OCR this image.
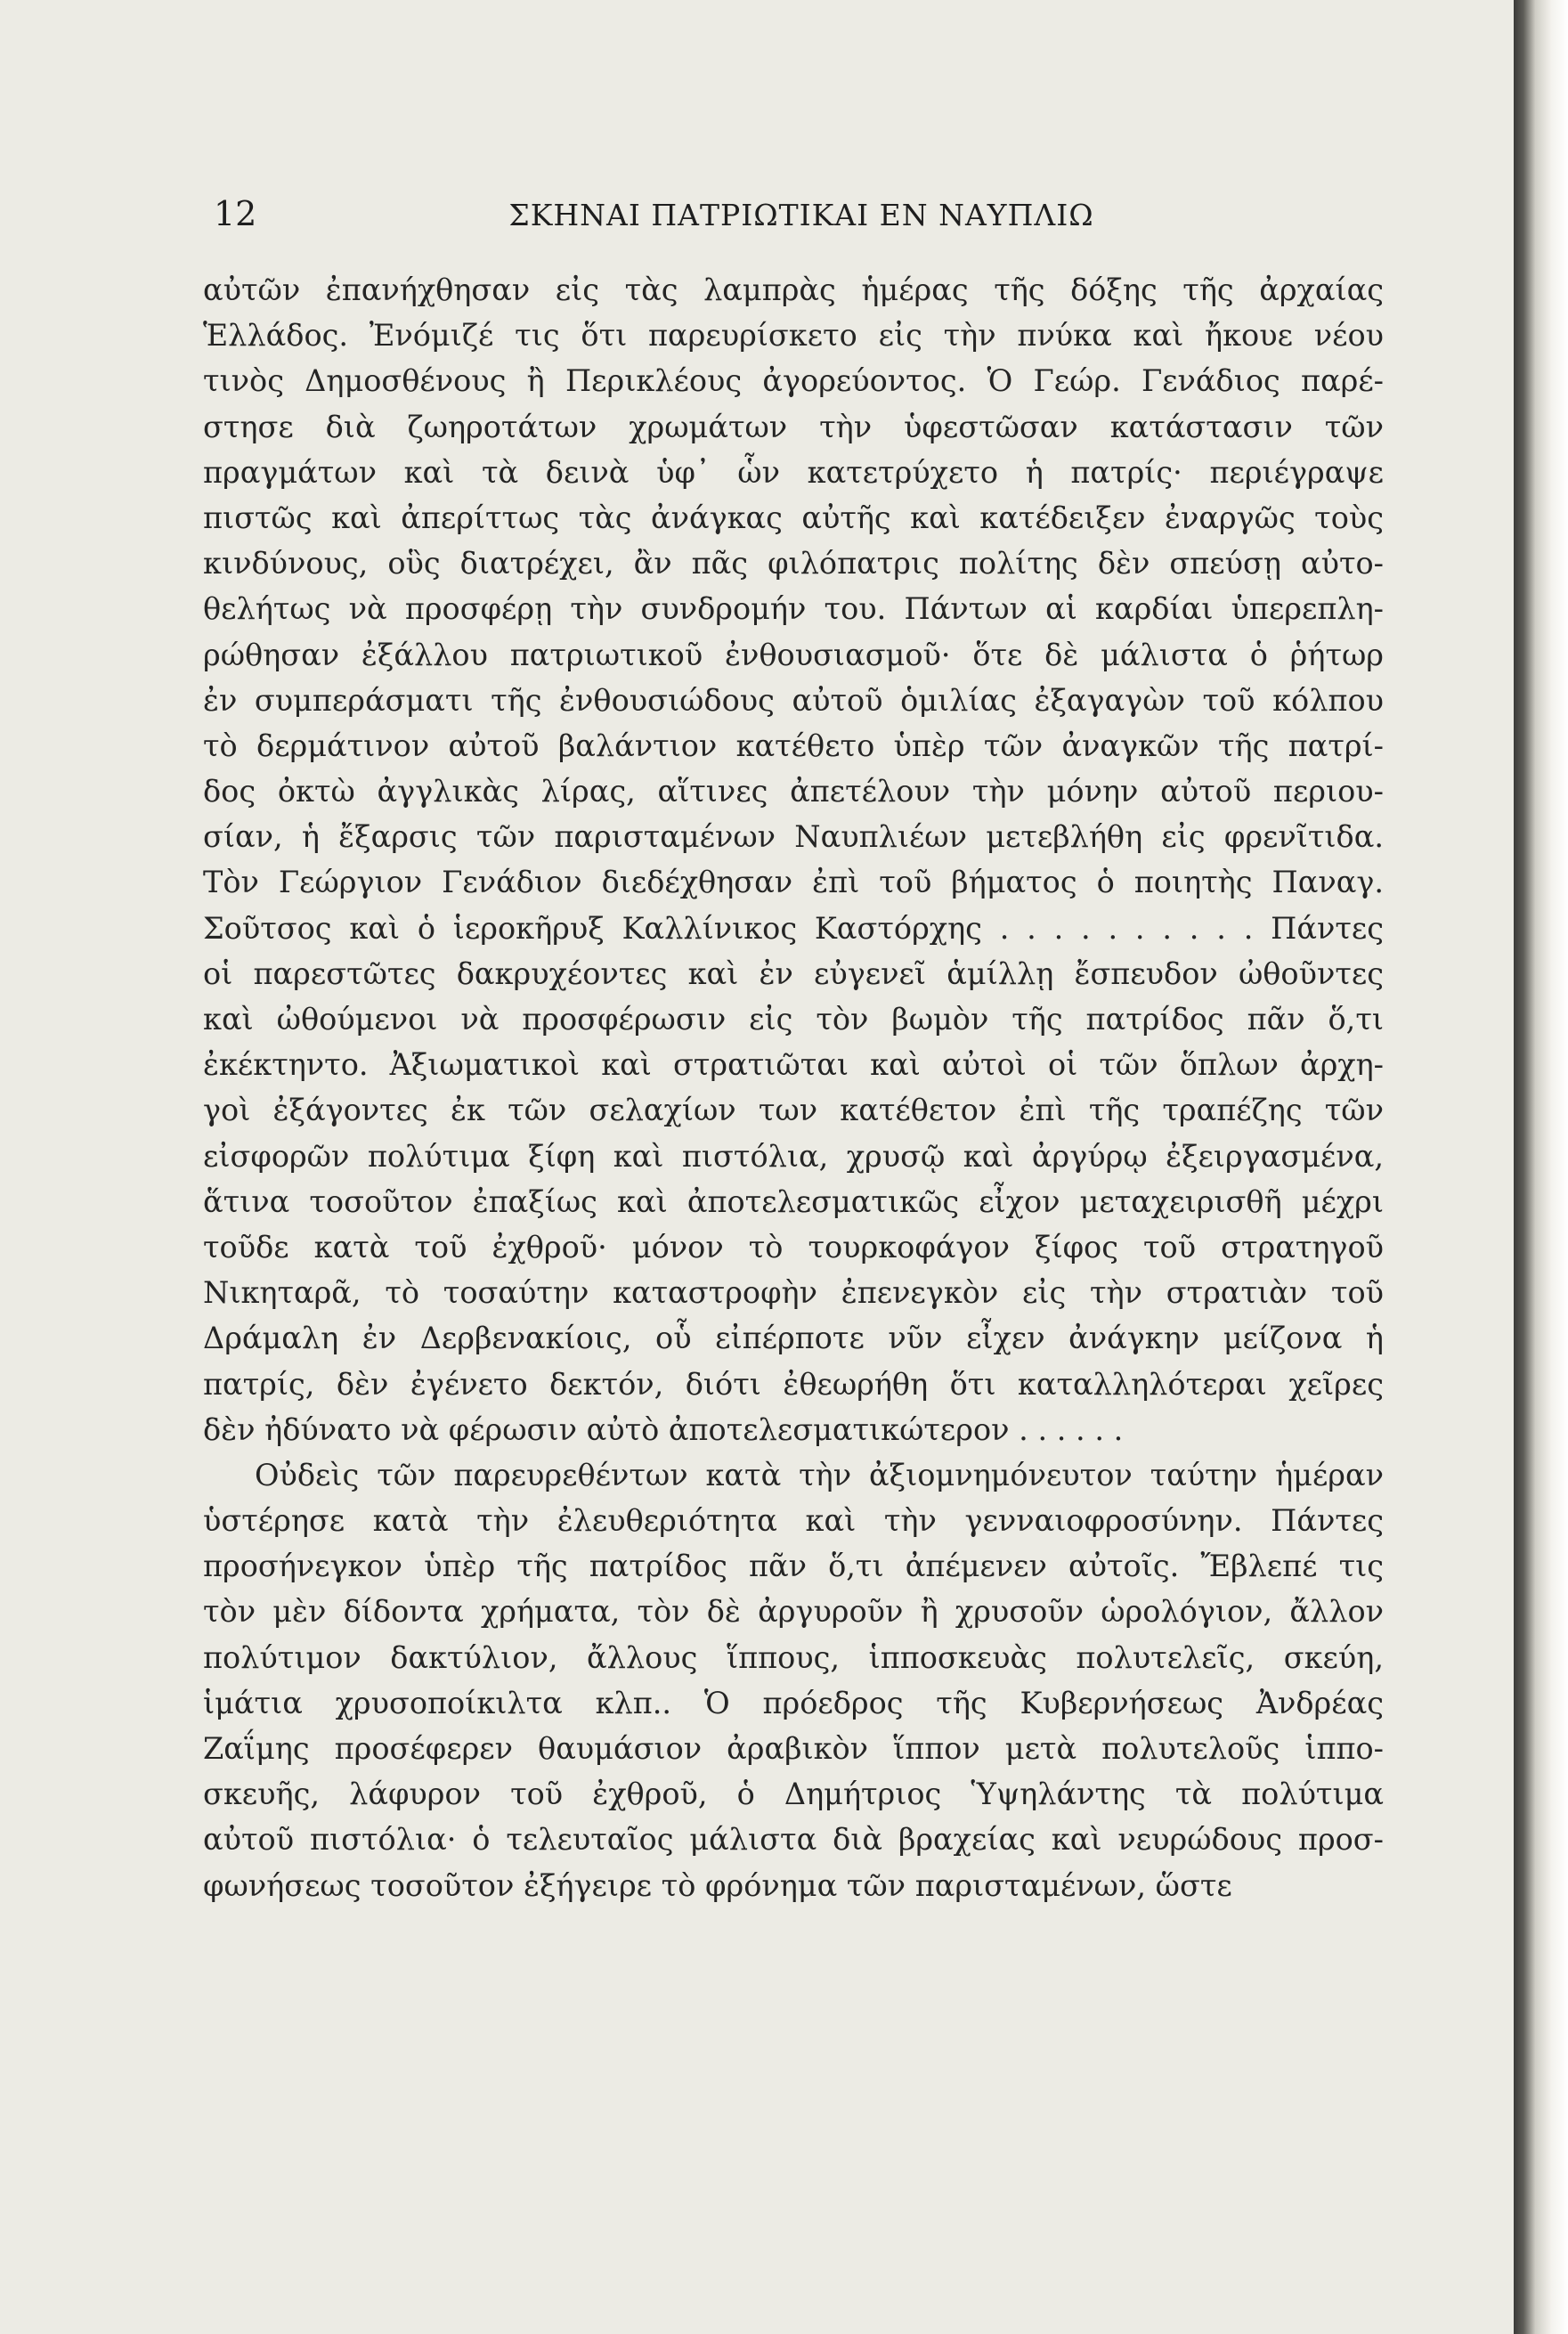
12	ΣΚΗΝΑΙ ΠΑΤΡΙΩΤΙΚΑΙ ΕΝ ΝΑΥΠΛΙΩ
αὐτῶν ἐπανήχθησαν εἰς τὰς λαμπρὰς ἡμέρας τῆς δόξης τῆς ἀρχαίας
Ἑλλάδος. Ἐνόμιζέ τις ὅτι παρευρίσκετο εἰς τὴν πνύκα καὶ ἤκουε νέου
τινὸς Δημοσθένους ἢ Περικλέους ἀγορεύοντος. Ὁ Γεώρ. Γενάδιος παρέ-
στησε διὰ ζωηροτάτων χρωμάτων τὴν ὑφεστῶσαν κατάστασιν τῶν
πραγμάτων καὶ τὰ δεινὰ ὑφ᾽ ὧν κατετρύχετο ἡ πατρίς· περιέγραψε
πιστῶς καὶ ἀπερίττως τὰς ἀνάγκας αὐτῆς καὶ κατέδειξεν ἐναργῶς τοὺς
κινδύνους, οὓς διατρέχει, ἂν πᾶς φιλόπατρις πολίτης δὲν σπεύσῃ αὐτο-
θελήτως νὰ προσφέρῃ τὴν συνδρομήν του. Πάντων αἱ καρδίαι ὑπερεπλη-
ρώθησαν ἐξάλλου πατριωτικοῦ ἐνθουσιασμοῦ· ὅτε δὲ μάλιστα ὁ ῥήτωρ
ἐν συμπεράσματι τῆς ἐνθουσιώδους αὐτοῦ ὁμιλίας ἐξαγαγὼν τοῦ κόλπου
τὸ δερμάτινον αὐτοῦ βαλάντιον κατέθετο ὑπὲρ τῶν ἀναγκῶν τῆς πατρί-
δος ὀκτὼ ἀγγλικὰς λίρας, αἵτινες ἀπετέλουν τὴν μόνην αὐτοῦ περιου-
σίαν, ἡ ἔξαρσις τῶν παρισταμένων Ναυπλιέων μετεβλήθη εἰς φρενῖτιδα.
Τὸν Γεώργιον Γενάδιον διεδέχθησαν ἐπὶ τοῦ βήματος ὁ ποιητὴς Παναγ.
Σοῦτσος καὶ ὁ ἱεροκῆρυξ Καλλίνικος Καστόρχης . . . . . . . . . . Πάντες
οἱ παρεστῶτες δακρυχέοντες καὶ ἐν εὐγενεῖ ἁμίλλῃ ἔσπευδον ὠθοῦντες
καὶ ὠθούμενοι νὰ προσφέρωσιν εἰς τὸν βωμὸν τῆς πατρίδος πᾶν ὅ,τι
ἐκέκτηντο. Ἀξιωματικοὶ καὶ στρατιῶται καὶ αὐτοὶ οἱ τῶν ὅπλων ἀρχη-
γοὶ ἐξάγοντες ἐκ τῶν σελαχίων των κατέθετον ἐπὶ τῆς τραπέζης τῶν
εἰσφορῶν πολύτιμα ξίφη καὶ πιστόλια, χρυσῷ καὶ ἀργύρῳ ἐξειργασμένα,
ἅτινα τοσοῦτον ἐπαξίως καὶ ἀποτελεσματικῶς εἶχον μεταχειρισθῆ μέχρι
τοῦδε κατὰ τοῦ ἐχθροῦ· μόνον τὸ τουρκοφάγον ξίφος τοῦ στρατηγοῦ
Νικηταρᾶ, τὸ τοσαύτην καταστροφὴν ἐπενεγκὸν εἰς τὴν στρατιὰν τοῦ
Δράμαλη ἐν Δερβενακίοις, οὗ εἰπέρποτε νῦν εἶχεν ἀνάγκην μείζονα ἡ
πατρίς, δὲν ἐγένετο δεκτόν, διότι ἐθεωρήθη ὅτι καταλληλότεραι χεῖρες
δὲν ἠδύνατο νὰ φέρωσιν αὐτὸ ἀποτελεσματικώτερον . . . . . .
Οὐδεὶς τῶν παρευρεθέντων κατὰ τὴν ἀξιομνημόνευτον ταύτην ἡμέραν
ὑστέρησε κατὰ τὴν ἐλευθεριότητα καὶ τὴν γενναιοφροσύνην. Πάντες
προσήνεγκον ὑπὲρ τῆς πατρίδος πᾶν ὅ,τι ἀπέμενεν αὐτοῖς. Ἔβλεπέ τις
τὸν μὲν δίδοντα χρήματα, τὸν δὲ ἀργυροῦν ἢ χρυσοῦν ὡρολόγιον, ἄλλον
πολύτιμον δακτύλιον, ἄλλους ἵππους, ἱπποσκευὰς πολυτελεῖς, σκεύη,
ἱμάτια χρυσοποίκιλτα κλπ.. Ὁ πρόεδρος τῆς Κυβερνήσεως Ἀνδρέας
Ζαΐμης προσέφερεν θαυμάσιον ἀραβικὸν ἵππον μετὰ πολυτελοῦς ἱππο-
σκευῆς, λάφυρον τοῦ ἐχθροῦ, ὁ Δημήτριος Ὑψηλάντης τὰ πολύτιμα
αὐτοῦ πιστόλια· ὁ τελευταῖος μάλιστα διὰ βραχείας καὶ νευρώδους προσ-
φωνήσεως τοσοῦτον ἐξήγειρε τὸ φρόνημα τῶν παρισταμένων, ὥστε
